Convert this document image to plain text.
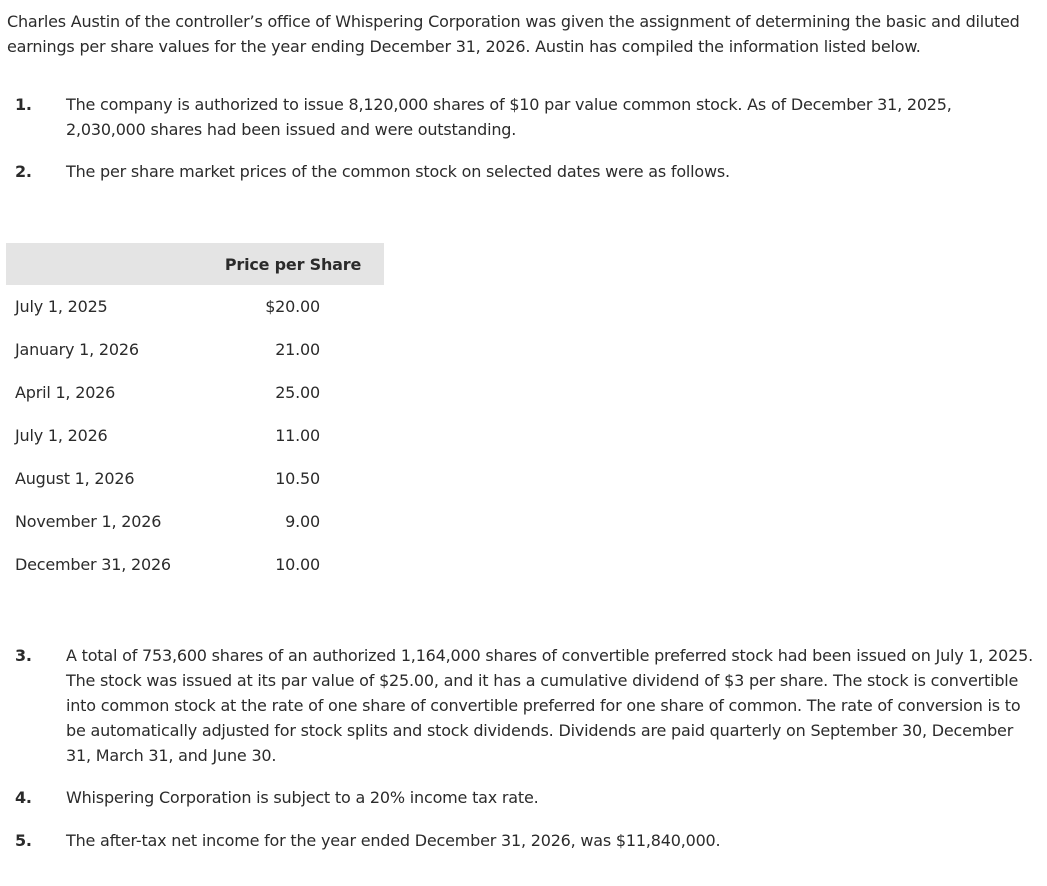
Charles Austin of the controller’s office of Whispering Corporation was given the assignment of determining the basic and diluted earnings per share values for the year ending December 31, 2026. Austin has compiled the information listed below.

1. The company is authorized to issue 8,120,000 shares of $10 par value common stock. As of December 31, 2025, 2,030,000 shares had been issued and were outstanding.
2. The per share market prices of the common stock on selected dates were as follows.
	Price per Share
July 1, 2025	$20.00
January 1, 2026	21.00
April 1, 2026	25.00
July 1, 2026	11.00
August 1, 2026	10.50
November 1, 2026	9.00
December 31, 2026	10.00
3. A total of 753,600 shares of an authorized 1,164,000 shares of convertible preferred stock had been issued on July 1, 2025. The stock was issued at its par value of $25.00, and it has a cumulative dividend of $3 per share. The stock is convertible into common stock at the rate of one share of convertible preferred for one share of common. The rate of conversion is to be automatically adjusted for stock splits and stock dividends. Dividends are paid quarterly on September 30, December 31, March 31, and June 30.
4. Whispering Corporation is subject to a 20% income tax rate.
5. The after-tax net income for the year ended December 31, 2026, was $11,840,000.
